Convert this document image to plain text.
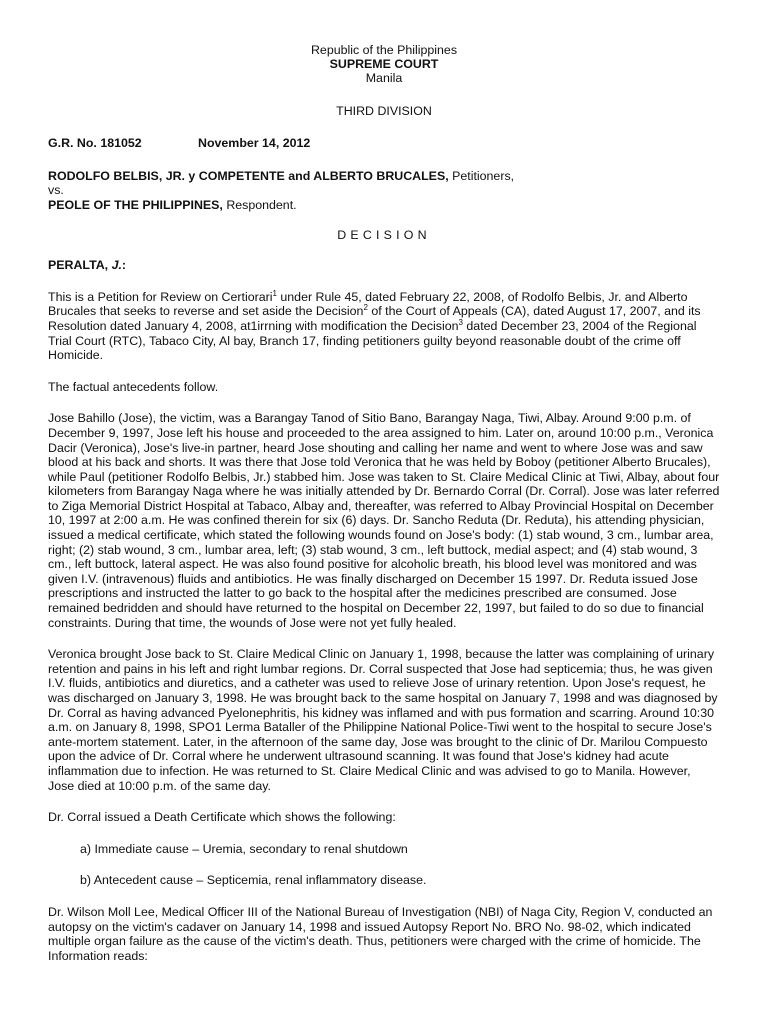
Republic of the Philippines
SUPREME COURT
Manila
THIRD DIVISION
G.R. No. 181052	November 14, 2012
RODOLFO BELBIS, JR. y COMPETENTE and ALBERTO BRUCALES, Petitioners,
vs.
PEOLE OF THE PHILIPPINES, Respondent.
DECISION
PERALTA, J.:

This is a Petition for Review on Certiorari$^1$ under Rule 45, dated February 22, 2008, of Rodolfo Belbis, Jr. and Alberto Brucales that seeks to reverse and set aside the Decision$^2$ of the Court of Appeals (CA), dated August 17, 2007, and its Resolution dated January 4, 2008, at1irrning with modification the Decision$^3$ dated December 23, 2004 of the Regional Trial Court (RTC), Tabaco City, Al bay, Branch 17, finding petitioners guilty beyond reasonable doubt of the crime off Homicide.

The factual antecedents follow.

Jose Bahillo (Jose), the victim, was a Barangay Tanod of Sitio Bano, Barangay Naga, Tiwi, Albay. Around 9:00 p.m. of December 9, 1997, Jose left his house and proceeded to the area assigned to him. Later on, around 10:00 p.m., Veronica Dacir (Veronica), Jose's live-in partner, heard Jose shouting and calling her name and went to where Jose was and saw blood at his back and shorts. It was there that Jose told Veronica that he was held by Boboy (petitioner Alberto Brucales), while Paul (petitioner Rodolfo Belbis, Jr.) stabbed him. Jose was taken to St. Claire Medical Clinic at Tiwi, Albay, about four kilometers from Barangay Naga where he was initially attended by Dr. Bernardo Corral (Dr. Corral). Jose was later referred to Ziga Memorial District Hospital at Tabaco, Albay and, thereafter, was referred to Albay Provincial Hospital on December 10, 1997 at 2:00 a.m. He was confined therein for six (6) days. Dr. Sancho Reduta (Dr. Reduta), his attending physician, issued a medical certificate, which stated the following wounds found on Jose's body: (1) stab wound, 3 cm., lumbar area, right; (2) stab wound, 3 cm., lumbar area, left; (3) stab wound, 3 cm., left buttock, medial aspect; and (4) stab wound, 3 cm., left buttock, lateral aspect. He was also found positive for alcoholic breath, his blood level was monitored and was given I.V. (intravenous) fluids and antibiotics. He was finally discharged on December 15 1997. Dr. Reduta issued Jose prescriptions and instructed the latter to go back to the hospital after the medicines prescribed are consumed. Jose remained bedridden and should have returned to the hospital on December 22, 1997, but failed to do so due to financial constraints. During that time, the wounds of Jose were not yet fully healed.

Veronica brought Jose back to St. Claire Medical Clinic on January 1, 1998, because the latter was complaining of urinary retention and pains in his left and right lumbar regions. Dr. Corral suspected that Jose had septicemia; thus, he was given I.V. fluids, antibiotics and diuretics, and a catheter was used to relieve Jose of urinary retention. Upon Jose's request, he was discharged on January 3, 1998. He was brought back to the same hospital on January 7, 1998 and was diagnosed by Dr. Corral as having advanced Pyelonephritis, his kidney was inflamed and with pus formation and scarring. Around 10:30 a.m. on January 8, 1998, SPO1 Lerma Bataller of the Philippine National Police-Tiwi went to the hospital to secure Jose's ante-mortem statement. Later, in the afternoon of the same day, Jose was brought to the clinic of Dr. Marilou Compuesto upon the advice of Dr. Corral where he underwent ultrasound scanning. It was found that Jose's kidney had acute inflammation due to infection. He was returned to St. Claire Medical Clinic and was advised to go to Manila. However, Jose died at 10:00 p.m. of the same day.

Dr. Corral issued a Death Certificate which shows the following:

a) Immediate cause – Uremia, secondary to renal shutdown

b) Antecedent cause – Septicemia, renal inflammatory disease.

Dr. Wilson Moll Lee, Medical Officer III of the National Bureau of Investigation (NBI) of Naga City, Region V, conducted an autopsy on the victim's cadaver on January 14, 1998 and issued Autopsy Report No. BRO No. 98-02, which indicated multiple organ failure as the cause of the victim's death. Thus, petitioners were charged with the crime of homicide. The Information reads:
